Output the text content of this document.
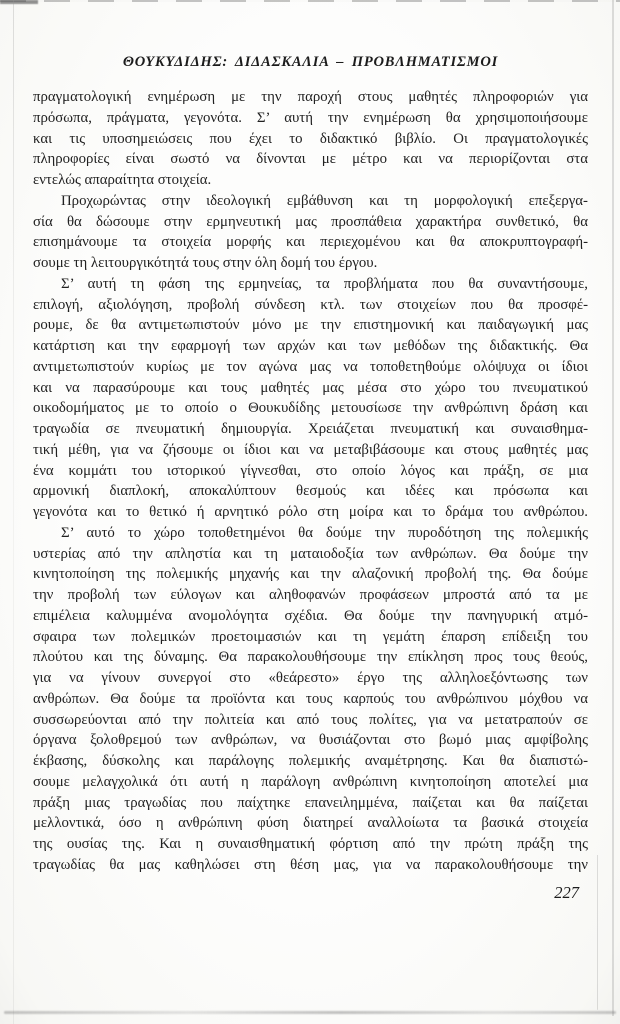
ΘΟΥΚΥΔΙΔΗΣ: ΔΙΔΑΣΚΑΛΙΑ – ΠΡΟΒΛΗΜΑΤΙΣΜΟΙ
πραγματολογική ενημέρωση με την παροχή στους μαθητές πληροφοριών για
πρόσωπα, πράγματα, γεγονότα. Σ’ αυτή την ενημέρωση θα χρησιμοποιήσουμε
και τις υποσημειώσεις που έχει το διδακτικό βιβλίο. Οι πραγματολογικές
πληροφορίες είναι σωστό να δίνονται με μέτρο και να περιορίζονται στα
εντελώς απαραίτητα στοιχεία.
Προχωρώντας στην ιδεολογική εμβάθυνση και τη μορφολογική επεξεργα-
σία θα δώσουμε στην ερμηνευτική μας προσπάθεια χαρακτήρα συνθετικό, θα
επισημάνουμε τα στοιχεία μορφής και περιεχομένου και θα αποκρυπτογραφή-
σουμε τη λειτουργικότητά τους στην όλη δομή του έργου.
Σ’ αυτή τη φάση της ερμηνείας, τα προβλήματα που θα συναντήσουμε,
επιλογή, αξιολόγηση, προβολή σύνδεση κτλ. των στοιχείων που θα προσφέ-
ρουμε, δε θα αντιμετωπιστούν μόνο με την επιστημονική και παιδαγωγική μας
κατάρτιση και την εφαρμογή των αρχών και των μεθόδων της διδακτικής. Θα
αντιμετωπιστούν κυρίως με τον αγώνα μας να τοποθετηθούμε ολόψυχα οι ίδιοι
και να παρασύρουμε και τους μαθητές μας μέσα στο χώρο του πνευματικού
οικοδομήματος με το οποίο ο Θουκυδίδης μετουσίωσε την ανθρώπινη δράση και
τραγωδία σε πνευματική δημιουργία. Χρειάζεται πνευματική και συναισθημα-
τική μέθη, για να ζήσουμε οι ίδιοι και να μεταβιβάσουμε και στους μαθητές μας
ένα κομμάτι του ιστορικού γίγνεσθαι, στο οποίο λόγος και πράξη, σε μια
αρμονική διαπλοκή, αποκαλύπτουν θεσμούς και ιδέες και πρόσωπα και
γεγονότα και το θετικό ή αρνητικό ρόλο στη μοίρα και το δράμα του ανθρώπου.
Σ’ αυτό το χώρο τοποθετημένοι θα δούμε την πυροδότηση της πολεμικής
υστερίας από την απληστία και τη ματαιοδοξία των ανθρώπων. Θα δούμε την
κινητοποίηση της πολεμικής μηχανής και την αλαζονική προβολή της. Θα δούμε
την προβολή των εύλογων και αληθοφανών προφάσεων μπροστά από τα με
επιμέλεια καλυμμένα ανομολόγητα σχέδια. Θα δούμε την πανηγυρική ατμό-
σφαιρα των πολεμικών προετοιμασιών και τη γεμάτη έπαρση επίδειξη του
πλούτου και της δύναμης. Θα παρακολουθήσουμε την επίκληση προς τους θεούς,
για να γίνουν συνεργοί στο «θεάρεστο» έργο της αλληλοεξόντωσης των
ανθρώπων. Θα δούμε τα προϊόντα και τους καρπούς του ανθρώπινου μόχθου να
συσσωρεύονται από την πολιτεία και από τους πολίτες, για να μετατραπούν σε
όργανα ξολοθρεμού των ανθρώπων, να θυσιάζονται στο βωμό μιας αμφίβολης
έκβασης, δύσκολης και παράλογης πολεμικής αναμέτρησης. Και θα διαπιστώ-
σουμε μελαγχολικά ότι αυτή η παράλογη ανθρώπινη κινητοποίηση αποτελεί μια
πράξη μιας τραγωδίας που παίχτηκε επανειλημμένα, παίζεται και θα παίζεται
μελλοντικά, όσο η ανθρώπινη φύση διατηρεί αναλλοίωτα τα βασικά στοιχεία
της ουσίας της. Και η συναισθηματική φόρτιση από την πρώτη πράξη της
τραγωδίας θα μας καθηλώσει στη θέση μας, για να παρακολουθήσουμε την
227
